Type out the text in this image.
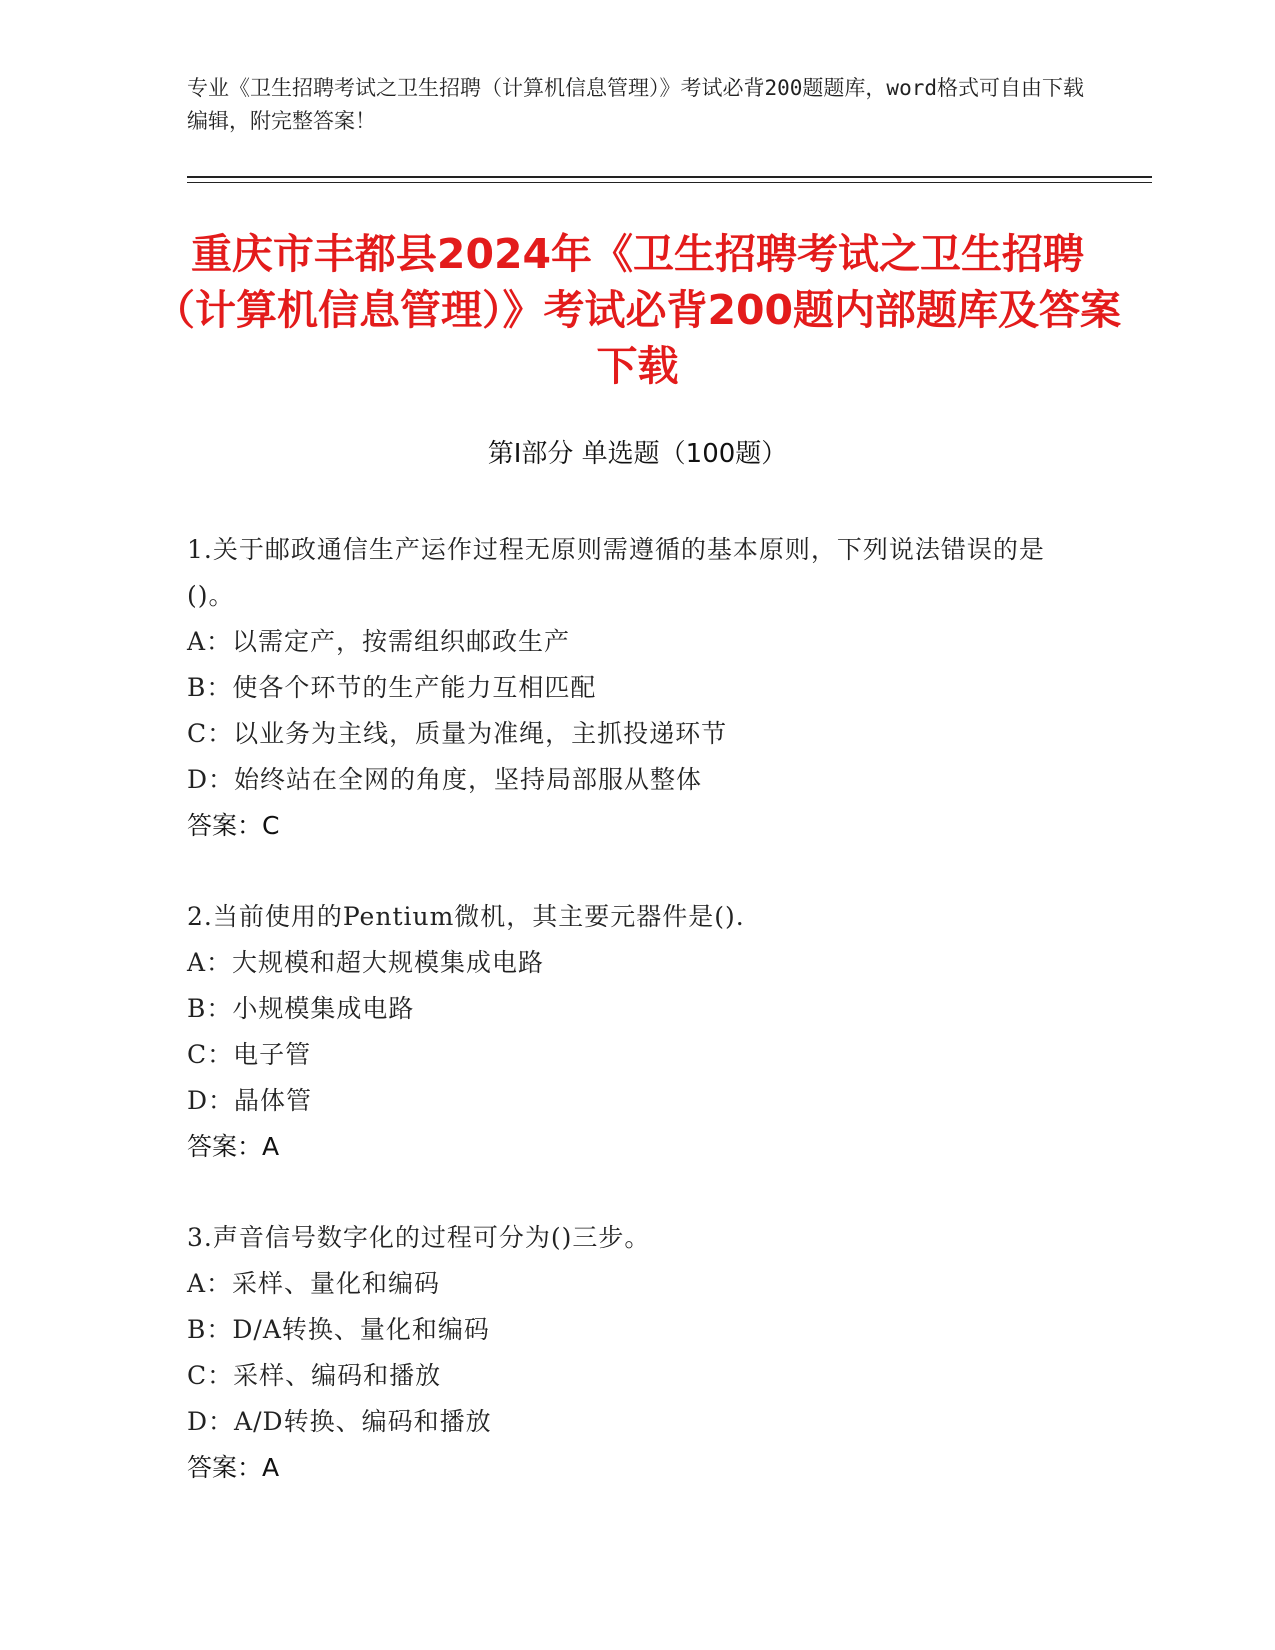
专业《卫生招聘考试之卫生招聘（计算机信息管理）》考试必背200题题库，word格式可自由下载编辑，附完整答案！
重庆市丰都县2024年《卫生招聘考试之卫生招聘（计算机信息管理）》考试必背200题内部题库及答案下载
第Ⅰ部分 单选题（100题）
1.关于邮政通信生产运作过程无原则需遵循的基本原则，下列说法错误的是()。
A：以需定产，按需组织邮政生产
B：使各个环节的生产能力互相匹配
C：以业务为主线，质量为准绳，主抓投递环节
D：始终站在全网的角度，坚持局部服从整体
答案：C
2.当前使用的Pentium微机，其主要元器件是().
A：大规模和超大规模集成电路
B：小规模集成电路
C：电子管
D：晶体管
答案：A
3.声音信号数字化的过程可分为()三步。
A：采样、量化和编码
B：D/A转换、量化和编码
C：采样、编码和播放
D：A/D转换、编码和播放
答案：A
